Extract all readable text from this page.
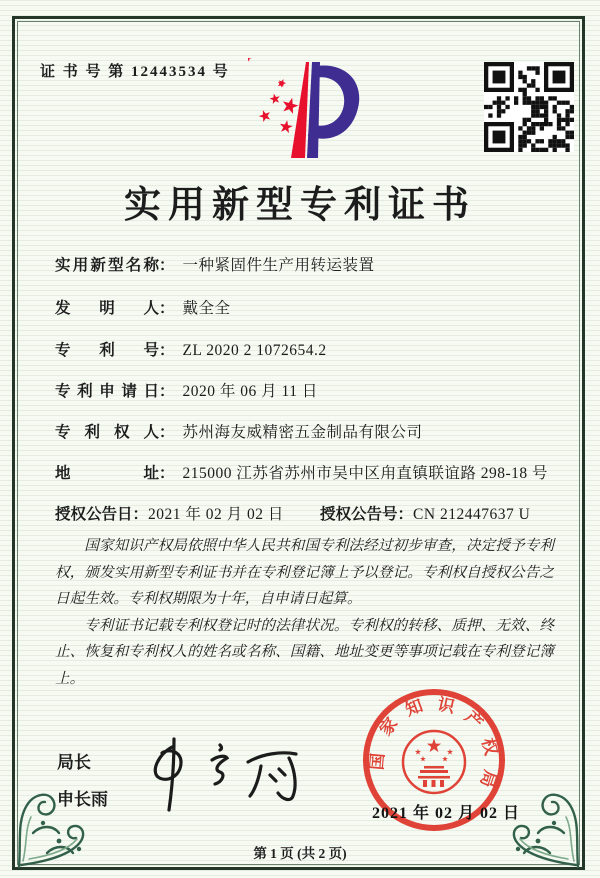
证 书 号 第 12443534 号
实用新型专利证书
实用新型名称： 一种紧固件生产用转运装置
发明人： 戴全全
专利号： ZL 2020 2 1072654.2
专利申请日： 2020 年 06 月 11 日
专利权人： 苏州海友威精密五金制品有限公司
地址： 215000 江苏省苏州市吴中区甪直镇联谊路 298-18 号
授权公告日：2021 年 02 月 02 日 授权公告号：CN 212447637 U

国家知识产权局依照中华人民共和国专利法经过初步审查，决定授予专利权，颁发实用新型专利证书并在专利登记簿上予以登记。专利权自授权公告之日起生效。专利权期限为十年，自申请日起算。

专利证书记载专利权登记时的法律状况。专利权的转移、质押、无效、终止、恢复和专利权人的姓名或名称、国籍、地址变更等事项记载在专利登记簿上。

局长
申长雨
国
家
知 识
产
权
局
2021 年 02 月 02 日
第 1 页 (共 2 页)
